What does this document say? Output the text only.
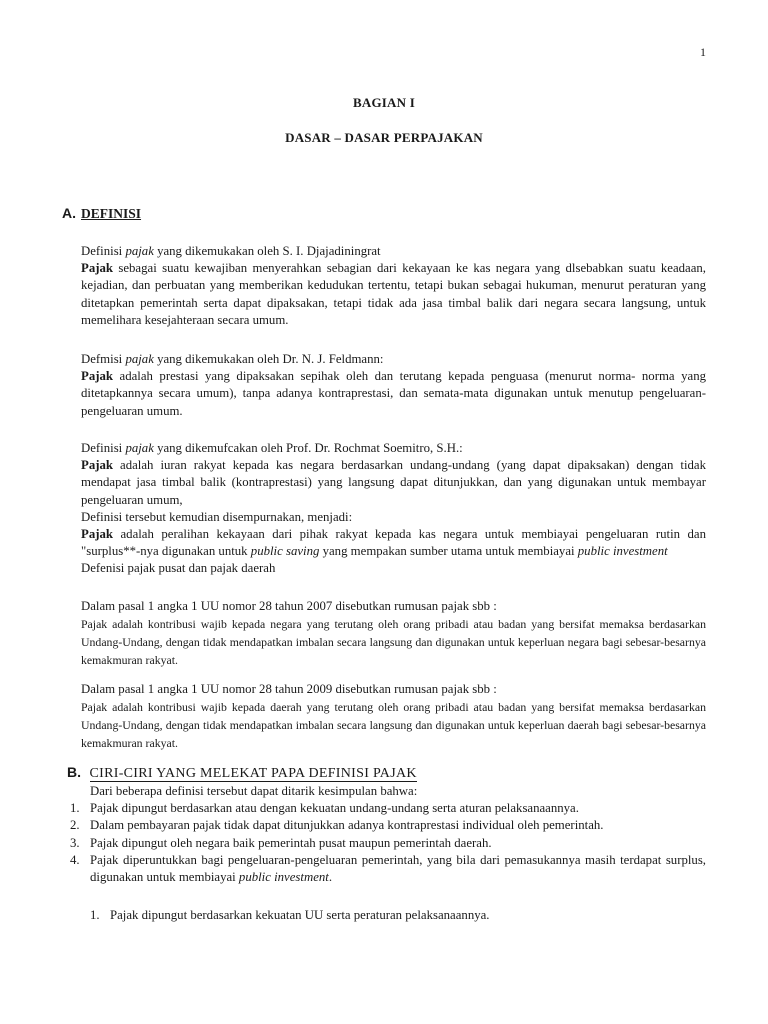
1
BAGIAN I
DASAR – DASAR PERPAJAKAN
A. DEFINISI
Definisi pajak yang dikemukakan oleh S. I. Djajadiningrat
Pajak sebagai suatu kewajiban menyerahkan sebagian dari kekayaan ke kas negara yang dlsebabkan suatu keadaan, kejadian, dan perbuatan yang memberikan kedudukan tertentu, tetapi bukan sebagai hukuman, menurut peraturan yang ditetapkan pemerintah serta dapat dipaksakan, tetapi tidak ada jasa timbal balik dari negara secara langsung, untuk memelihara kesejahteraan secara umum.
Defmisi pajak yang dikemukakan oleh Dr. N. J. Feldmann:
Pajak adalah prestasi yang dipaksakan sepihak oleh dan terutang kepada penguasa (menurut norma- norma yang ditetapkannya secara umum), tanpa adanya kontraprestasi, dan semata-mata digunakan untuk menutup pengeluaran-pengeluaran umum.
Definisi pajak yang dikemufcakan oleh Prof. Dr. Rochmat Soemitro, S.H.:
Pajak adalah iuran rakyat kepada kas negara berdasarkan undang-undang (yang dapat dipaksakan) dengan tidak mendapat jasa timbal balik (kontraprestasi) yang langsung dapat ditunjukkan, dan yang digunakan untuk membayar pengeluaran umum,
Definisi tersebut kemudian disempurnakan, menjadi:
Pajak adalah peralihan kekayaan dari pihak rakyat kepada kas negara untuk membiayai pengeluaran rutin dan "surplus**-nya digunakan untuk public saving yang mempakan sumber utama untuk membiayai public investment
Defenisi pajak pusat dan pajak daerah
Dalam pasal 1 angka 1 UU nomor 28 tahun 2007 disebutkan rumusan pajak sbb :
Pajak adalah kontribusi wajib kepada negara yang terutang oleh orang pribadi atau badan yang bersifat memaksa berdasarkan Undang-Undang, dengan tidak mendapatkan imbalan secara langsung dan digunakan untuk keperluan negara bagi sebesar-besarnya kemakmuran rakyat.
Dalam pasal 1 angka 1 UU nomor 28 tahun 2009 disebutkan rumusan pajak sbb :
Pajak adalah kontribusi wajib kepada daerah yang terutang oleh orang pribadi atau badan yang bersifat memaksa berdasarkan Undang-Undang, dengan tidak mendapatkan imbalan secara langsung dan digunakan untuk keperluan daerah bagi sebesar-besarnya kemakmuran rakyat.
B. CIRI-CIRI YANG MELEKAT PAPA DEFINISI PAJAK
Dari beberapa definisi tersebut dapat ditarik kesimpulan bahwa:
1. Pajak dipungut berdasarkan atau dengan kekuatan undang-undang serta aturan pelaksanaannya.
2. Dalam pembayaran pajak tidak dapat ditunjukkan adanya kontraprestasi individual oleh pemerintah.
3. Pajak dipungut oleh negara baik pemerintah pusat maupun pemerintah daerah.
4. Pajak diperuntukkan bagi pengeluaran-pengeluaran pemerintah, yang bila dari pemasukannya masih terdapat surplus, digunakan untuk membiayai public investment.
1. Pajak dipungut berdasarkan kekuatan UU serta peraturan pelaksanaannya.
